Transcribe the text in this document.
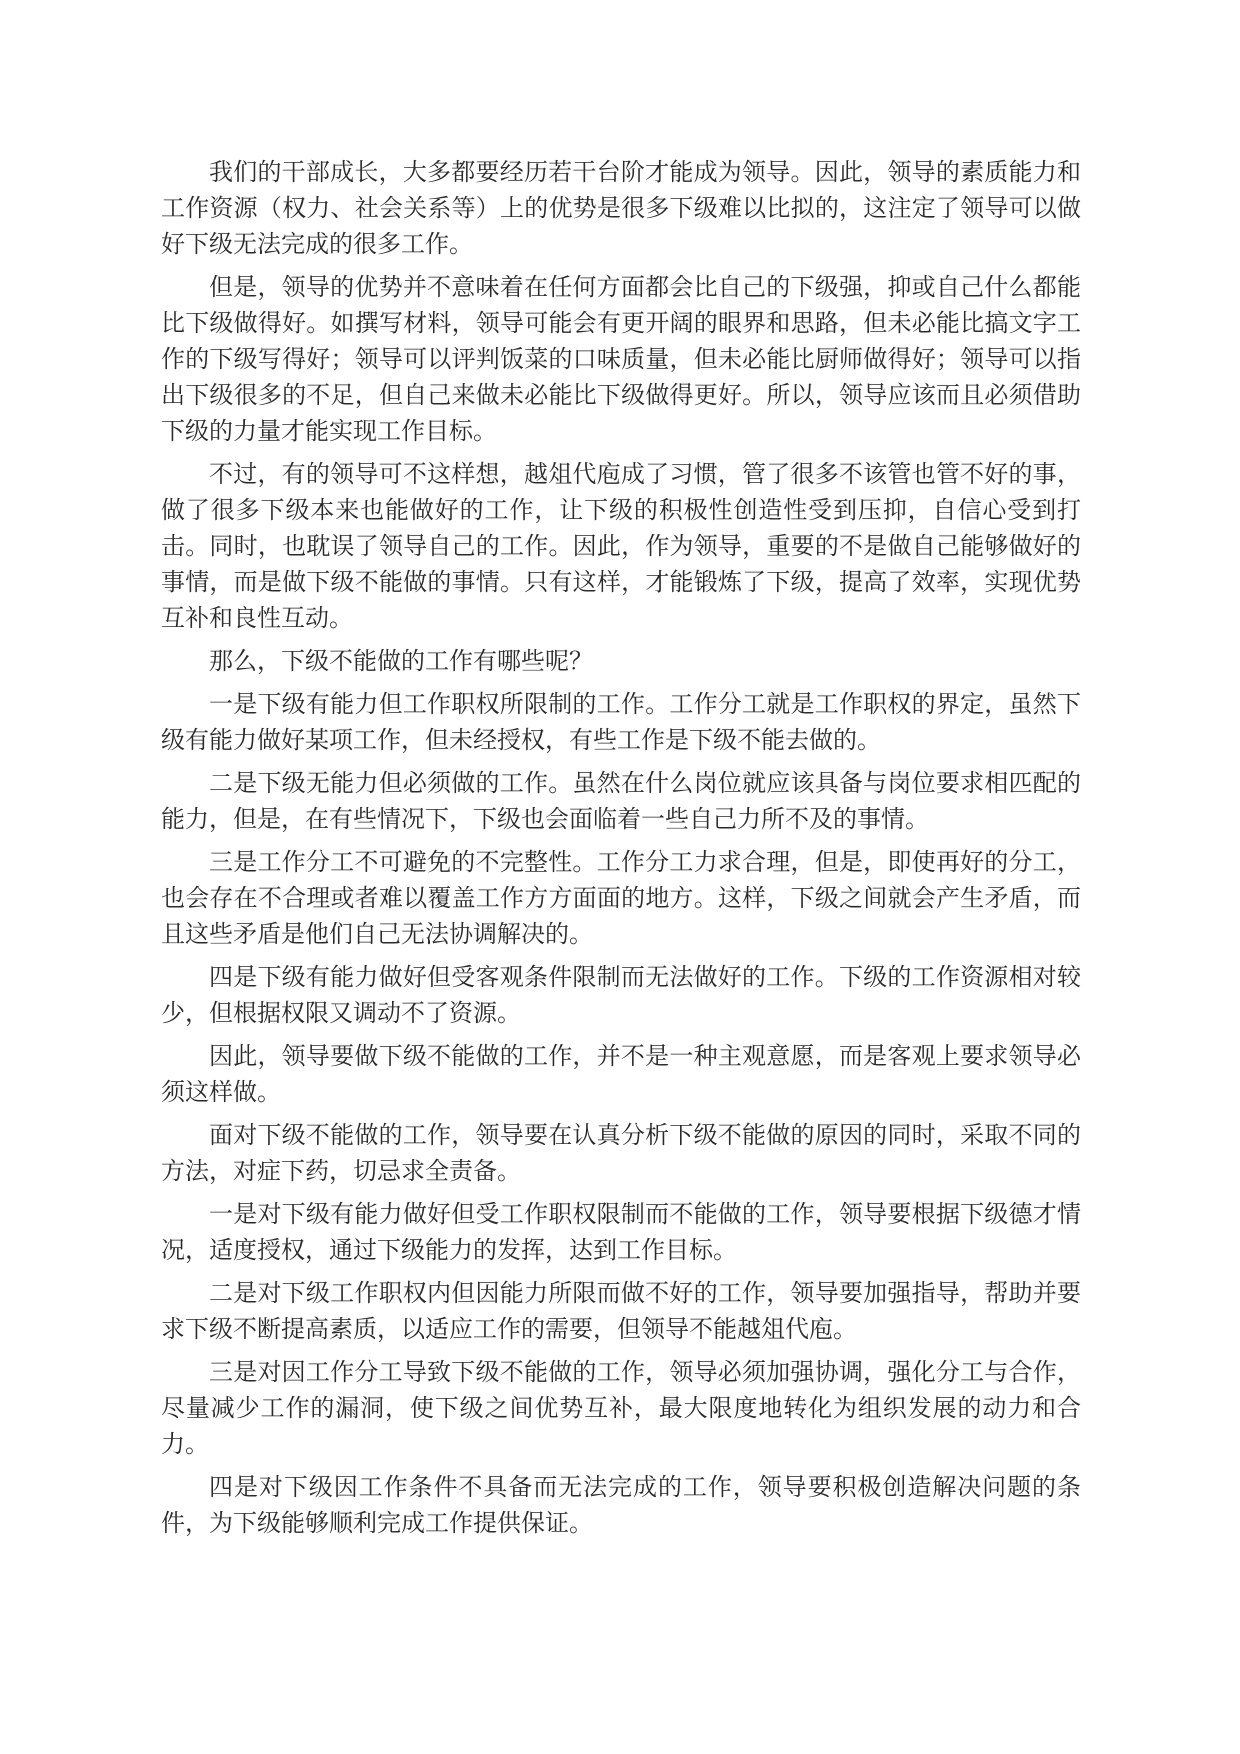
我们的干部成长，大多都要经历若干台阶才能成为领导。因此，领导的素质能力和工作资源（权力、社会关系等）上的优势是很多下级难以比拟的，这注定了领导可以做好下级无法完成的很多工作。

但是，领导的优势并不意味着在任何方面都会比自己的下级强，抑或自己什么都能比下级做得好。如撰写材料，领导可能会有更开阔的眼界和思路，但未必能比搞文字工作的下级写得好；领导可以评判饭菜的口味质量，但未必能比厨师做得好；领导可以指出下级很多的不足，但自己来做未必能比下级做得更好。所以，领导应该而且必须借助下级的力量才能实现工作目标。

不过，有的领导可不这样想，越俎代庖成了习惯，管了很多不该管也管不好的事，做了很多下级本来也能做好的工作，让下级的积极性创造性受到压抑，自信心受到打击。同时，也耽误了领导自己的工作。因此，作为领导，重要的不是做自己能够做好的事情，而是做下级不能做的事情。只有这样，才能锻炼了下级，提高了效率，实现优势互补和良性互动。

那么，下级不能做的工作有哪些呢？

一是下级有能力但工作职权所限制的工作。工作分工就是工作职权的界定，虽然下级有能力做好某项工作，但未经授权，有些工作是下级不能去做的。

二是下级无能力但必须做的工作。虽然在什么岗位就应该具备与岗位要求相匹配的能力，但是，在有些情况下，下级也会面临着一些自己力所不及的事情。

三是工作分工不可避免的不完整性。工作分工力求合理，但是，即使再好的分工，也会存在不合理或者难以覆盖工作方方面面的地方。这样，下级之间就会产生矛盾，而且这些矛盾是他们自己无法协调解决的。

四是下级有能力做好但受客观条件限制而无法做好的工作。下级的工作资源相对较少，但根据权限又调动不了资源。

因此，领导要做下级不能做的工作，并不是一种主观意愿，而是客观上要求领导必须这样做。

面对下级不能做的工作，领导要在认真分析下级不能做的原因的同时，采取不同的方法，对症下药，切忌求全责备。

一是对下级有能力做好但受工作职权限制而不能做的工作，领导要根据下级德才情况，适度授权，通过下级能力的发挥，达到工作目标。

二是对下级工作职权内但因能力所限而做不好的工作，领导要加强指导，帮助并要求下级不断提高素质，以适应工作的需要，但领导不能越俎代庖。

三是对因工作分工导致下级不能做的工作，领导必须加强协调，强化分工与合作，尽量减少工作的漏洞，使下级之间优势互补，最大限度地转化为组织发展的动力和合力。

四是对下级因工作条件不具备而无法完成的工作，领导要积极创造解决问题的条件，为下级能够顺利完成工作提供保证。
